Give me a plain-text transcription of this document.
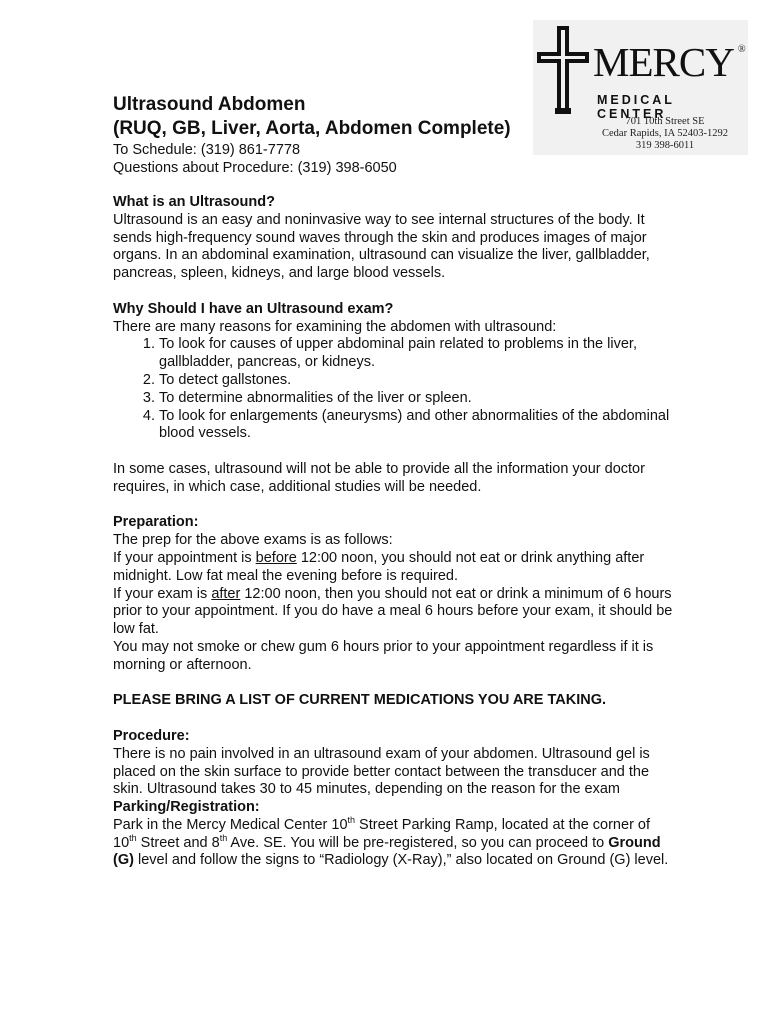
MERCY ®
MEDICAL CENTER
701 10th Street SE
Cedar Rapids, IA 52403-1292
319 398-6011
Ultrasound Abdomen
(RUQ, GB, Liver, Aorta, Abdomen Complete)
To Schedule: (319) 861-7778
Questions about Procedure: (319) 398-6050

What is an Ultrasound?

Ultrasound is an easy and noninvasive way to see internal structures of the body. It sends high-frequency sound waves through the skin and produces images of major organs. In an abdominal examination, ultrasound can visualize the liver, gallbladder, pancreas, spleen, kidneys, and large blood vessels.

Why Should I have an Ultrasound exam?

There are many reasons for examining the abdomen with ultrasound:

1. To look for causes of upper abdominal pain related to problems in the liver, gallbladder, pancreas, or kidneys.
2. To detect gallstones.
3. To determine abnormalities of the liver or spleen.
4. To look for enlargements (aneurysms) and other abnormalities of the abdominal blood vessels.

In some cases, ultrasound will not be able to provide all the information your doctor requires, in which case, additional studies will be needed.

Preparation:

The prep for the above exams is as follows:

If your appointment is before 12:00 noon, you should not eat or drink anything after midnight. Low fat meal the evening before is required.

If your exam is after 12:00 noon, then you should not eat or drink a minimum of 6 hours prior to your appointment. If you do have a meal 6 hours before your exam, it should be low fat.

You may not smoke or chew gum 6 hours prior to your appointment regardless if it is morning or afternoon.

PLEASE BRING A LIST OF CURRENT MEDICATIONS YOU ARE TAKING.

Procedure:

There is no pain involved in an ultrasound exam of your abdomen. Ultrasound gel is placed on the skin surface to provide better contact between the transducer and the skin. Ultrasound takes 30 to 45 minutes, depending on the reason for the exam

Parking/Registration:

Park in the Mercy Medical Center 10th Street Parking Ramp, located at the corner of 10th Street and 8th Ave. SE. You will be pre-registered, so you can proceed to Ground (G) level and follow the signs to “Radiology (X-Ray),” also located on Ground (G) level.
